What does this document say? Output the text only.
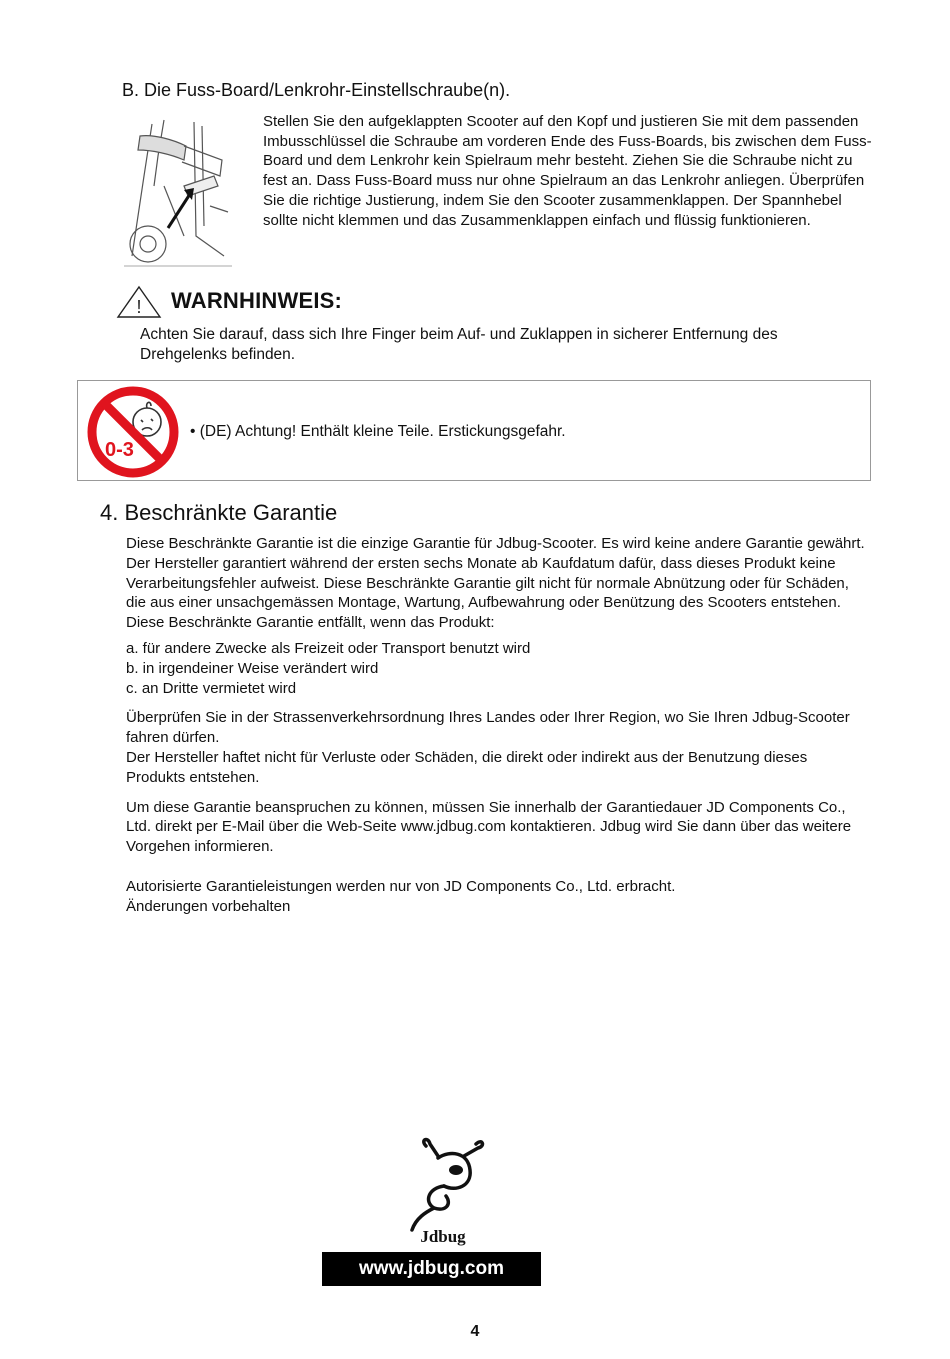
B. Die Fuss-Board/Lenkrohr-Einstellschraube(n).

Stellen Sie den aufgeklappten Scooter auf den Kopf und justieren Sie mit dem passenden Imbusschlüssel die Schraube am vorderen Ende des Fuss-Boards, bis zwischen dem Fuss-Board und dem Lenkrohr kein Spielraum mehr besteht. Ziehen Sie die Schraube nicht zu fest an. Dass Fuss-Board muss nur ohne Spielraum an das Lenkrohr anliegen. Überprüfen Sie die richtige Justierung, indem Sie den Scooter zusammenklappen. Der Spannhebel sollte nicht klemmen und das Zusammenklappen einfach und flüssig funktionieren.

! WARNHINWEIS:

Achten Sie darauf, dass sich Ihre Finger beim Auf- und Zuklappen in sicherer Entfernung des Drehgelenks befinden.

0-3
• (DE) Achtung! Enthält kleine Teile. Erstickungsgefahr.
4. Beschränkte Garantie

Diese Beschränkte Garantie ist die einzige Garantie für Jdbug-Scooter. Es wird keine andere Garantie gewährt. Der Hersteller garantiert während der ersten sechs Monate ab Kaufdatum dafür, dass dieses Produkt keine Verarbeitungsfehler aufweist. Diese Beschränkte Garantie gilt nicht für normale Abnützung oder für Schäden, die aus einer unsachgemässen Montage, Wartung, Aufbewahrung oder Benützung des Scooters entstehen.

Diese Beschränkte Garantie entfällt, wenn das Produkt:

a. für andere Zwecke als Freizeit oder Transport benutzt wird

b. in irgendeiner Weise verändert wird

c. an Dritte vermietet wird

Überprüfen Sie in der Strassenverkehrsordnung Ihres Landes oder Ihrer Region, wo Sie Ihren Jdbug-Scooter fahren dürfen.

Der Hersteller haftet nicht für Verluste oder Schäden, die direkt oder indirekt aus der Benutzung dieses Produkts entstehen.

Um diese Garantie beanspruchen zu können, müssen Sie innerhalb der Garantiedauer JD Components Co., Ltd. direkt per E-Mail über die Web-Seite www.jdbug.com kontaktieren. Jdbug wird Sie dann über das weitere Vorgehen informieren.

Autorisierte Garantieleistungen werden nur von JD Components Co., Ltd. erbracht.

Änderungen vorbehalten

Jdbug
www.jdbug.com
4
